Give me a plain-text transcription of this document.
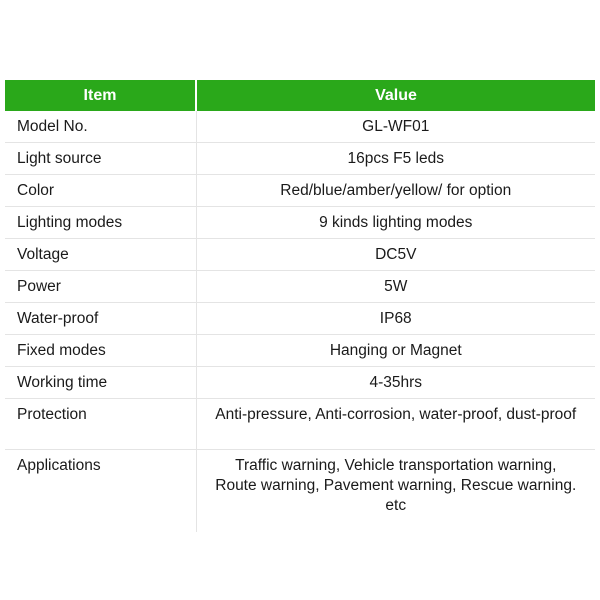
Item	Value
Model No.	GL-WF01
Light source	16pcs F5 leds
Color	Red/blue/amber/yellow/ for option
Lighting modes	9 kinds lighting modes
Voltage	DC5V
Power	5W
Water-proof	IP68
Fixed modes	Hanging or Magnet
Working time	4-35hrs
Protection	Anti-pressure, Anti-corrosion, water-proof, dust-proof
Applications	Traffic warning, Vehicle transportation warning, Route warning, Pavement warning, Rescue warning. etc
